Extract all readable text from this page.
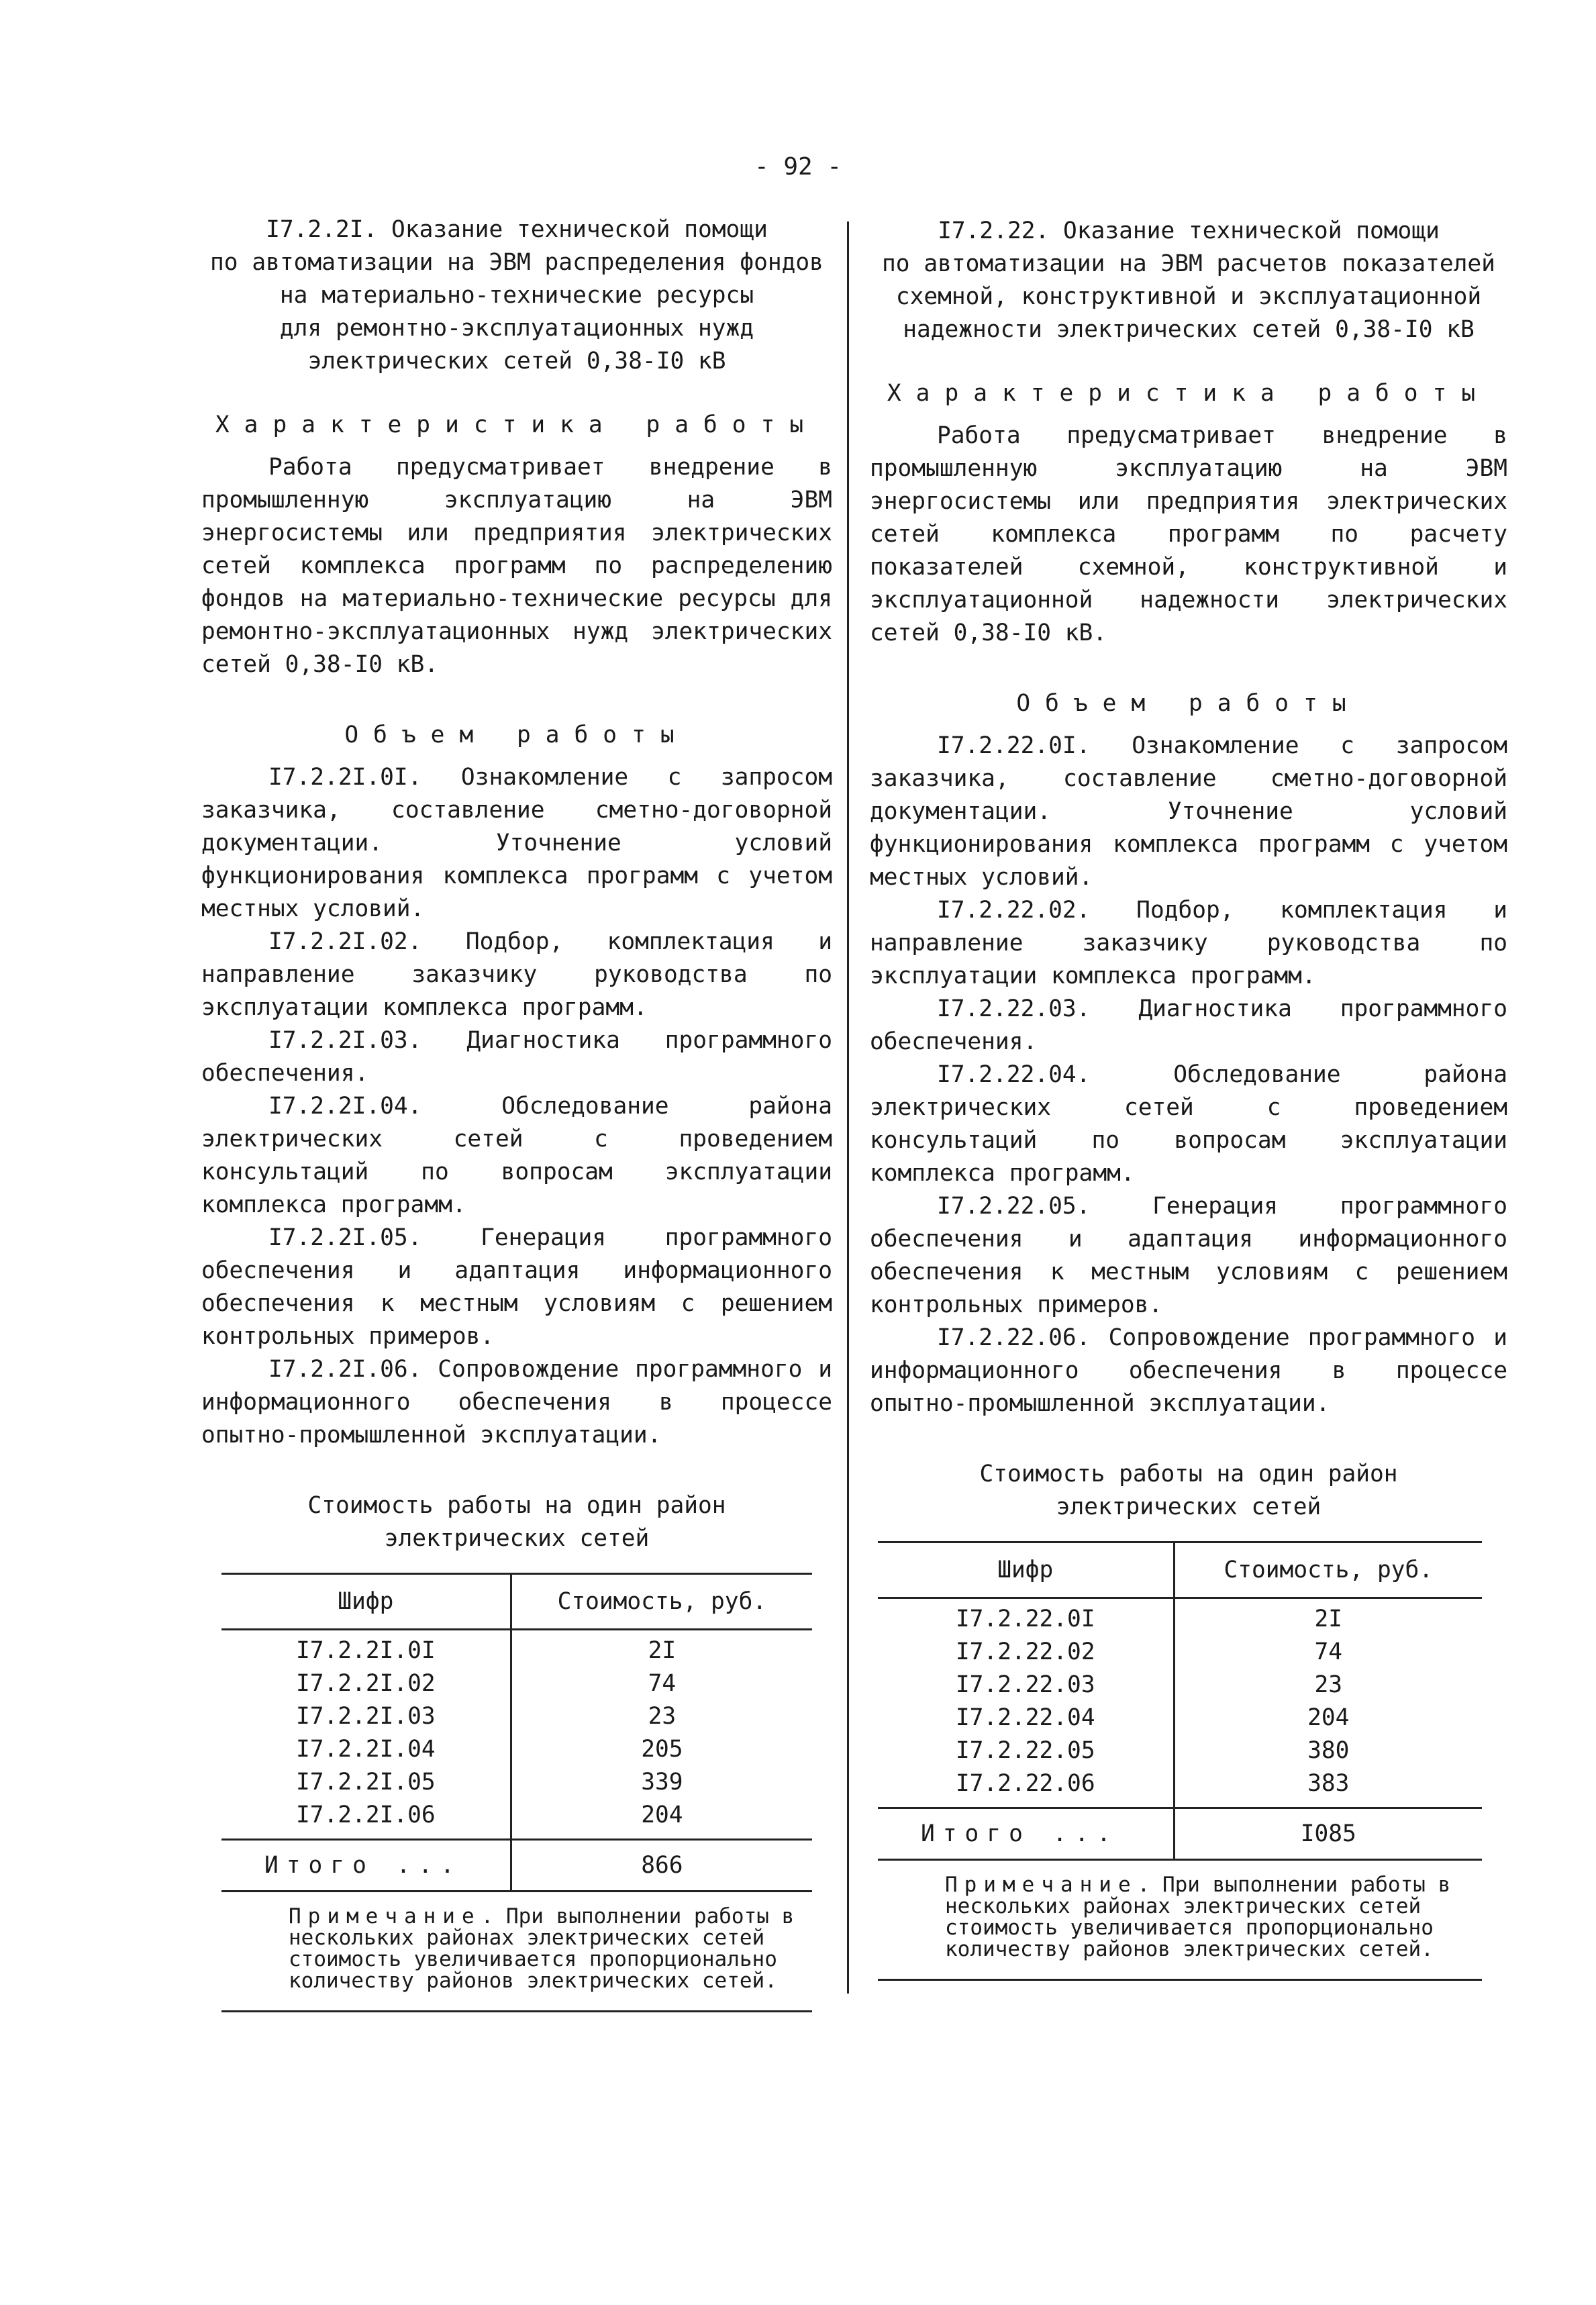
- 92 -
I7.2.2I. Оказание технической помощи
по автоматизации на ЭВМ распределения фондов
на материально-технические ресурсы
для ремонтно-эксплуатационных нужд
электрических сетей 0,38-I0 кВ
Характеристика работы

Работа предусматривает внедрение в промышленную эксплуатацию на ЭВМ энергосистемы или предприятия электрических сетей комплекса программ по распределению фондов на материально-технические ресурсы для ремонтно-эксплуатационных нужд электрических сетей 0,38-I0 кВ.

Объем работы

I7.2.2I.0I. Ознакомление с запросом заказчика, составление сметно-договорной документации. Уточнение условий функционирования комплекса программ с учетом местных условий.

I7.2.2I.02. Подбор, комплектация и направление заказчику руководства по эксплуатации комплекса программ.

I7.2.2I.03. Диагностика программного обеспечения.

I7.2.2I.04. Обследование района электрических сетей с проведением консультаций по вопросам эксплуатации комплекса программ.

I7.2.2I.05. Генерация программного обеспечения и адаптация информационного обеспечения к местным условиям с решением контрольных примеров.

I7.2.2I.06. Сопровождение программного и информационного обеспечения в процессе опытно-промышленной эксплуатации.

Стоимость работы на один район
электрических сетей
Шифр	Стоимость, руб.
I7.2.2I.0I	2I
I7.2.2I.02	74
I7.2.2I.03	23
I7.2.2I.04	205
I7.2.2I.05	339
I7.2.2I.06	204
Итого ...	866
Примечание. При выполнении работы в нескольких районах электрических сетей стоимость увеличивается пропорционально количеству районов электрических сетей.
I7.2.22. Оказание технической помощи
по автоматизации на ЭВМ расчетов показателей
схемной, конструктивной и эксплуатационной
надежности электрических сетей 0,38-I0 кВ
Характеристика работы

Работа предусматривает внедрение в промышленную эксплуатацию на ЭВМ энергосистемы или предприятия электрических сетей комплекса программ по расчету показателей схемной, конструктивной и эксплуатационной надежности электрических сетей 0,38-I0 кВ.

Объем работы

I7.2.22.0I. Ознакомление с запросом заказчика, составление сметно-договорной документации. Уточнение условий функционирования комплекса программ с учетом местных условий.

I7.2.22.02. Подбор, комплектация и направление заказчику руководства по эксплуатации комплекса программ.

I7.2.22.03. Диагностика программного обеспечения.

I7.2.22.04. Обследование района электрических сетей с проведением консультаций по вопросам эксплуатации комплекса программ.

I7.2.22.05. Генерация программного обеспечения и адаптация информационного обеспечения к местным условиям с решением контрольных примеров.

I7.2.22.06. Сопровождение программного и информационного обеспечения в процессе опытно-промышленной эксплуатации.

Стоимость работы на один район
электрических сетей
Шифр	Стоимость, руб.
I7.2.22.0I	2I
I7.2.22.02	74
I7.2.22.03	23
I7.2.22.04	204
I7.2.22.05	380
I7.2.22.06	383
Итого ...	I085
Примечание. При выполнении работы в нескольких районах электрических сетей стоимость увеличивается пропорционально количеству районов электрических сетей.
